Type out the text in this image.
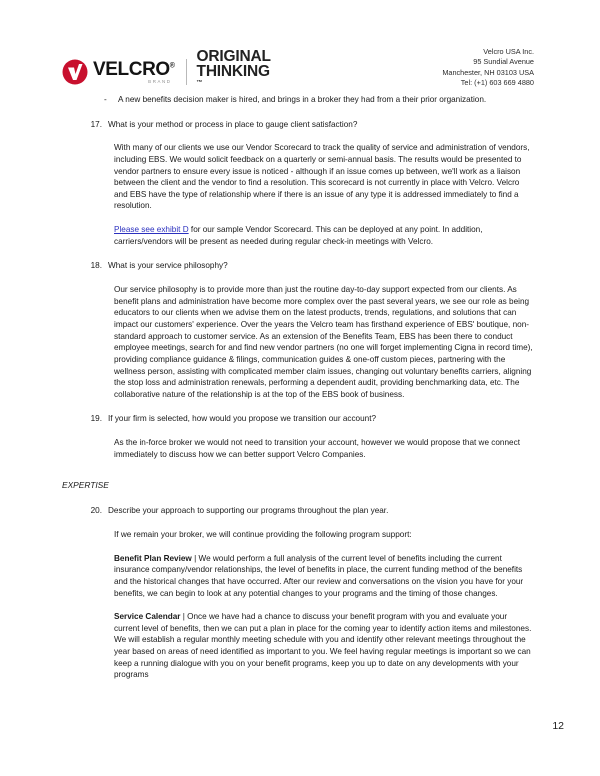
VELCRO®
BRAND
ORIGINAL
THINKING
™
Velcro USA Inc.
95 Sundial Avenue
Manchester, NH 03103 USA
Tel: (+1) 603 669 4880
-	A new benefits decision maker is hired, and brings in a broker they had from a their prior organization.
17. What is your method or process in place to gauge client satisfaction?
With many of our clients we use our Vendor Scorecard to track the quality of service and administration of vendors, including EBS. We would solicit feedback on a quarterly or semi-annual basis. The results would be presented to vendor partners to ensure every issue is noticed - although if an issue comes up between, we'll work as a liaison between the client and the vendor to find a resolution. This scorecard is not currently in place with Velcro. Velcro and EBS have the type of relationship where if there is an issue of any type it is addressed immediately to find a resolution.
Please see exhibit D for our sample Vendor Scorecard. This can be deployed at any point. In addition, carriers/vendors will be present as needed during regular check-in meetings with Velcro.
18. What is your service philosophy?
Our service philosophy is to provide more than just the routine day-to-day support expected from our clients. As benefit plans and administration have become more complex over the past several years, we see our role as being educators to our clients when we advise them on the latest products, trends, regulations, and solutions that can impact our customers' experience. Over the years the Velcro team has firsthand experience of EBS' boutique, non-standard approach to customer service. As an extension of the Benefits Team, EBS has been there to conduct employee meetings, search for and find new vendor partners (no one will forget implementing Cigna in record time), providing compliance guidance & filings, communication guides & one-off custom pieces, partnering with the wellness person, assisting with complicated member claim issues, changing out voluntary benefits carriers, aligning the stop loss and administration renewals, performing a dependent audit, providing benchmarking data, etc. The collaborative nature of the relationship is at the top of the EBS book of business.
19. If your firm is selected, how would you propose we transition our account?
As the in-force broker we would not need to transition your account, however we would propose that we connect immediately to discuss how we can better support Velcro Companies.
EXPERTISE
20. Describe your approach to supporting our programs throughout the plan year.
If we remain your broker, we will continue providing the following program support:
Benefit Plan Review | We would perform a full analysis of the current level of benefits including the current insurance company/vendor relationships, the level of benefits in place, the current funding method of the benefits and the historical changes that have occurred. After our review and conversations on the vision you have for your benefits, we can begin to look at any potential changes to your programs and the timing of those changes.
Service Calendar | Once we have had a chance to discuss your benefit program with you and evaluate your current level of benefits, then we can put a plan in place for the coming year to identify action items and milestones. We will establish a regular monthly meeting schedule with you and identify other relevant meetings throughout the year based on areas of need identified as important to you. We feel having regular meetings is important so we can keep a running dialogue with you on your benefit programs, keep you up to date on any developments with your programs
12
